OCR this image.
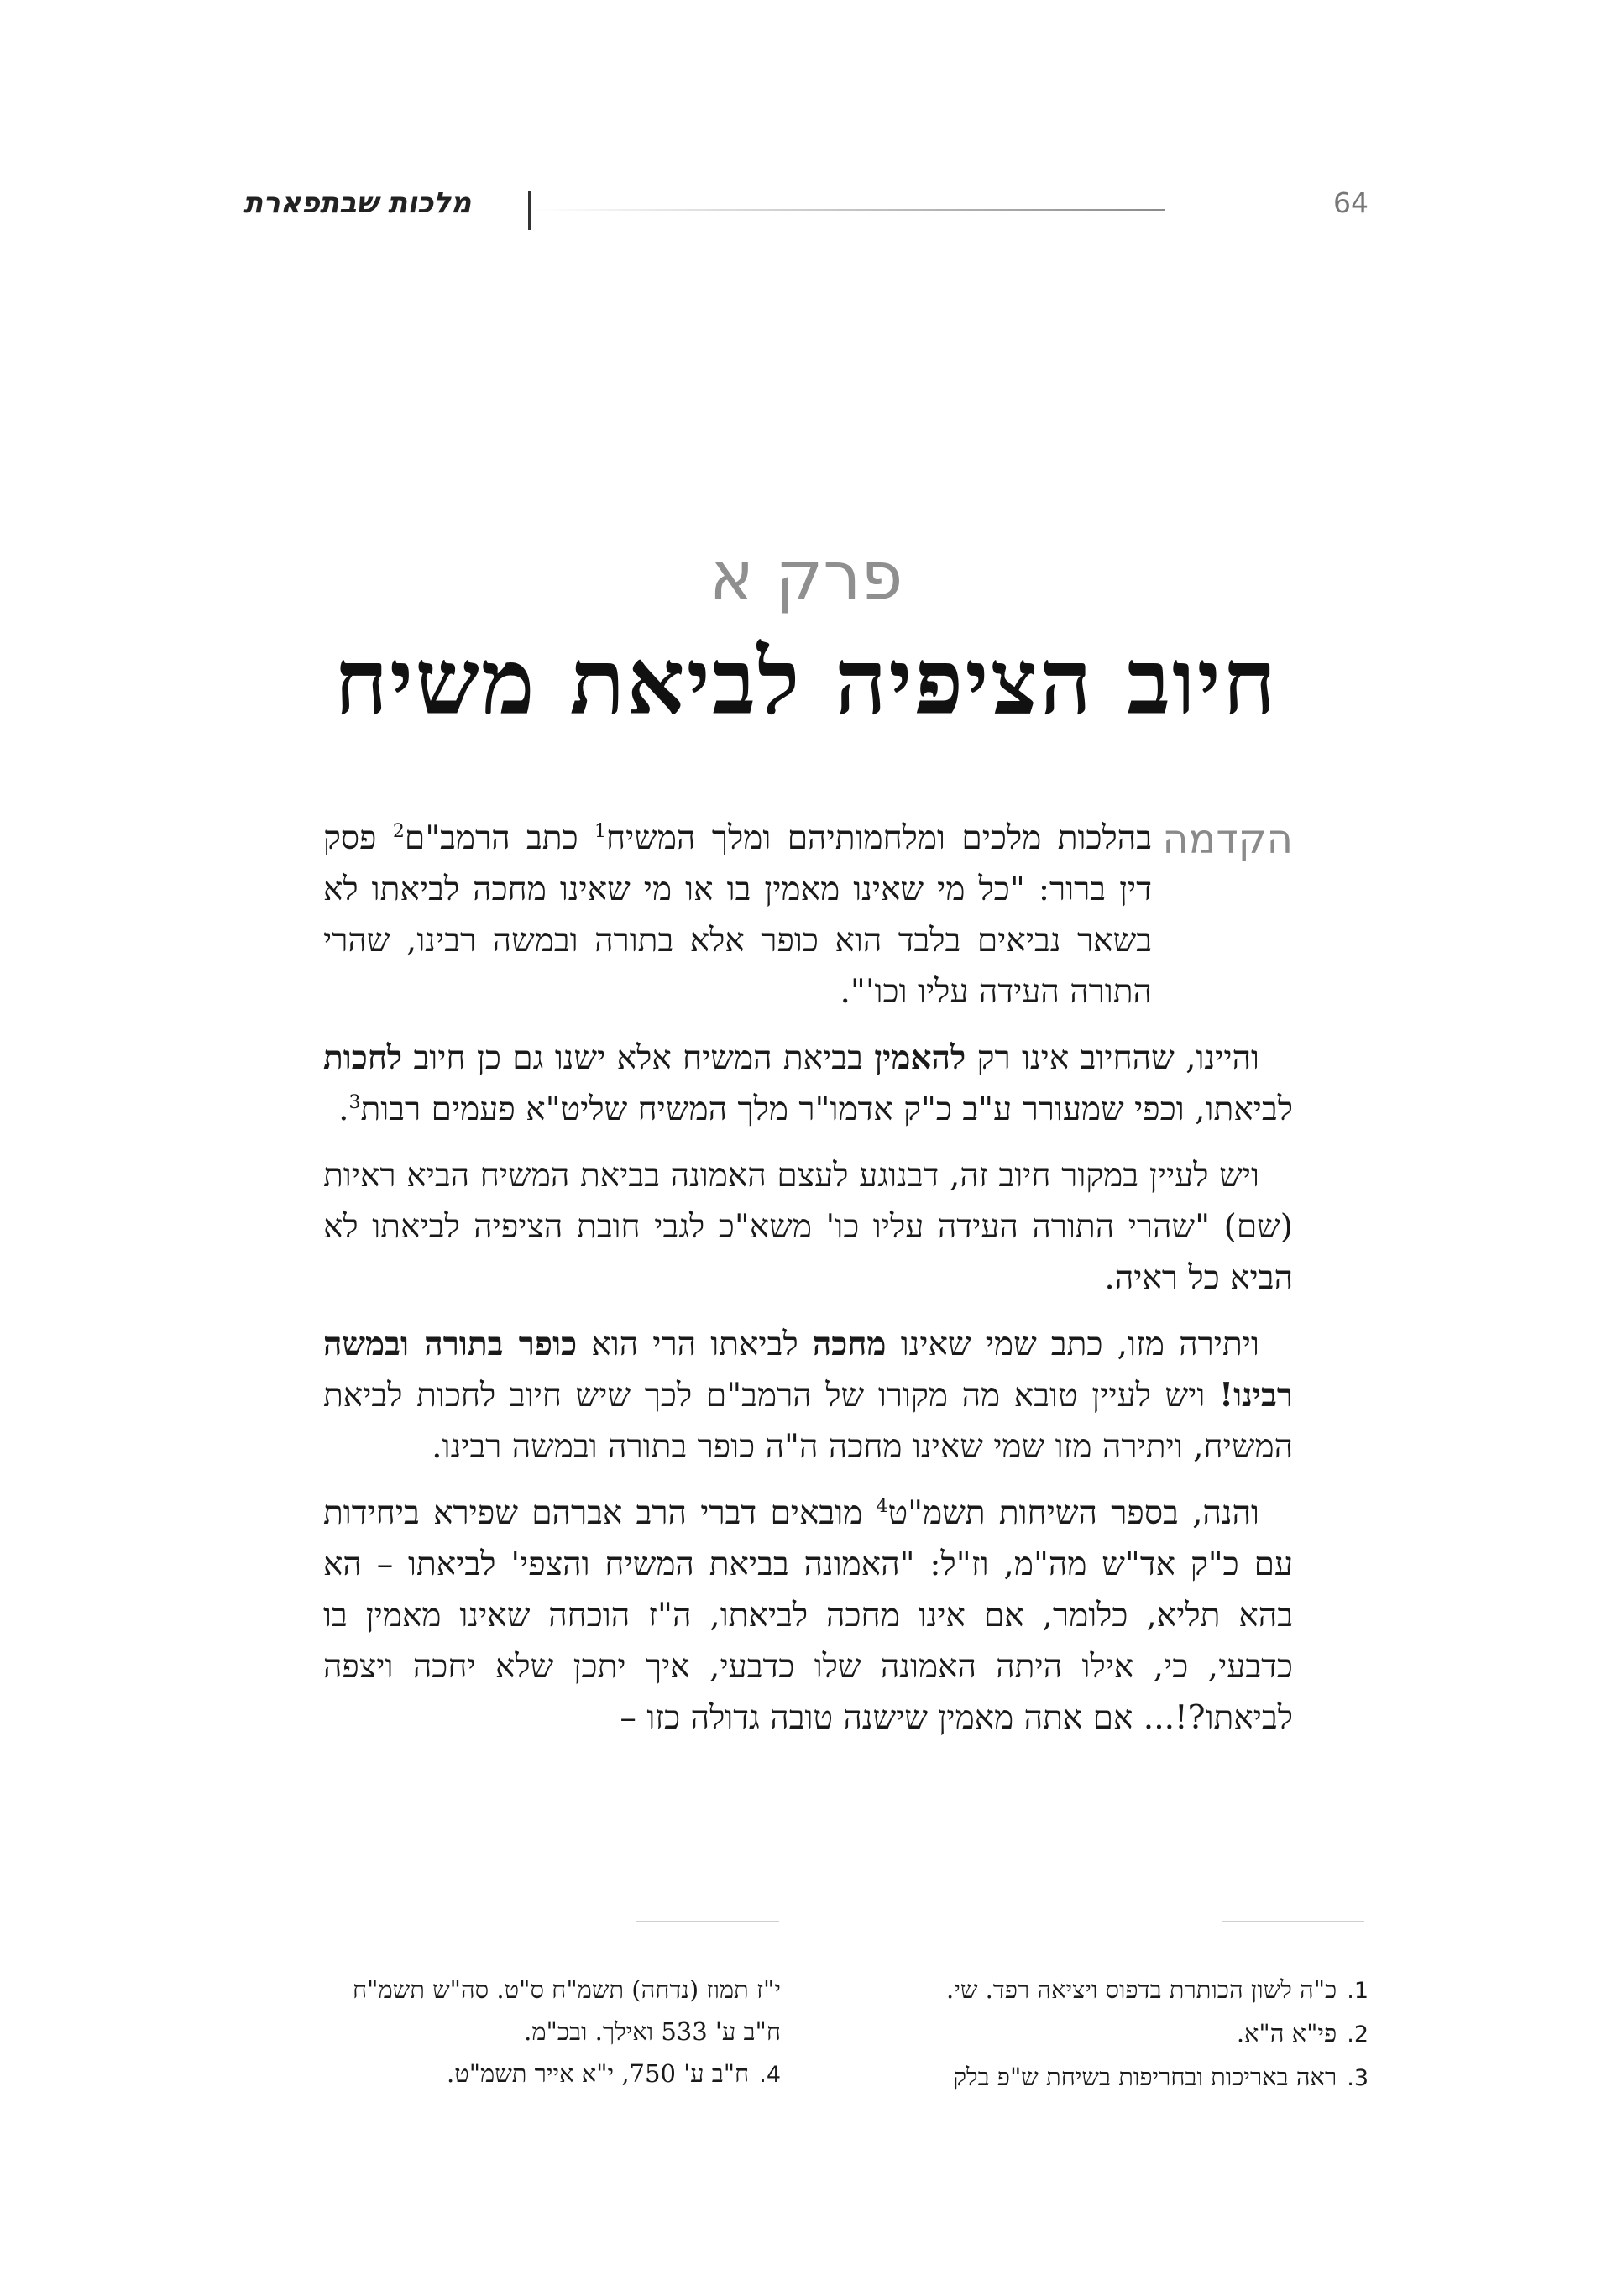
64
מלכות שבתפארת
פרק א
חיוב הציפיה לביאת משיח
הקדמה

בהלכות מלכים ומלחמותיהם ומלך המשיח$^1$ כתב הרמב"ם$^2$ פסק דין ברור: "כל מי שאינו מאמין בו או מי שאינו מחכה לביאתו לא בשאר נביאים בלבד הוא כופר אלא בתורה ובמשה רבינו, שהרי התורה העידה עליו וכו'".

והיינו, שהחיוב אינו רק להאמין בביאת המשיח אלא ישנו גם כן חיוב לחכות לביאתו, וכפי שמעורר ע"ב כ"ק אדמו"ר מלך המשיח שליט"א פעמים רבות$^3$.

ויש לעיין במקור חיוב זה, דבנוגע לעצם האמונה בביאת המשיח הביא ראיות (שם) "שהרי התורה העידה עליו כו' משא"כ לגבי חובת הציפיה לביאתו לא הביא כל ראיה.

ויתירה מזו, כתב שמי שאינו מחכה לביאתו הרי הוא כופר בתורה ובמשה רבינו! ויש לעיין טובא מה מקורו של הרמב"ם לכך שיש חיוב לחכות לביאת המשיח, ויתירה מזו שמי שאינו מחכה ה"ה כופר בתורה ובמשה רבינו.

והנה, בספר השיחות תשמ"ט$^4$ מובאים דברי הרב אברהם שפירא ביחידות עם כ"ק אד"ש מה"מ, וז"ל: "האמונה בביאת המשיח והצפי' לביאתו – הא בהא תליא, כלומר, אם אינו מחכה לביאתו, ה"ז הוכחה שאינו מאמין בו כדבעי, כי, אילו היתה האמונה שלו כדבעי, איך יתכן שלא יחכה ויצפה לביאתו?!... אם אתה מאמין שישנה טובה גדולה כזו –

1.כ"ה לשון הכותרת בדפוס ויציאה רפד. שי.

2.פי"א ה"א.

3.ראה באריכות ובחריפות בשיחת ש"פ בלק

י"ז תמוז (נדחה) תשמ"ח ס"ט. סה"ש תשמ"ח

ח"ב ע' 533 ואילך. ובכ"מ.

4.ח"ב ע' 750, י"א אייר תשמ"ט.
